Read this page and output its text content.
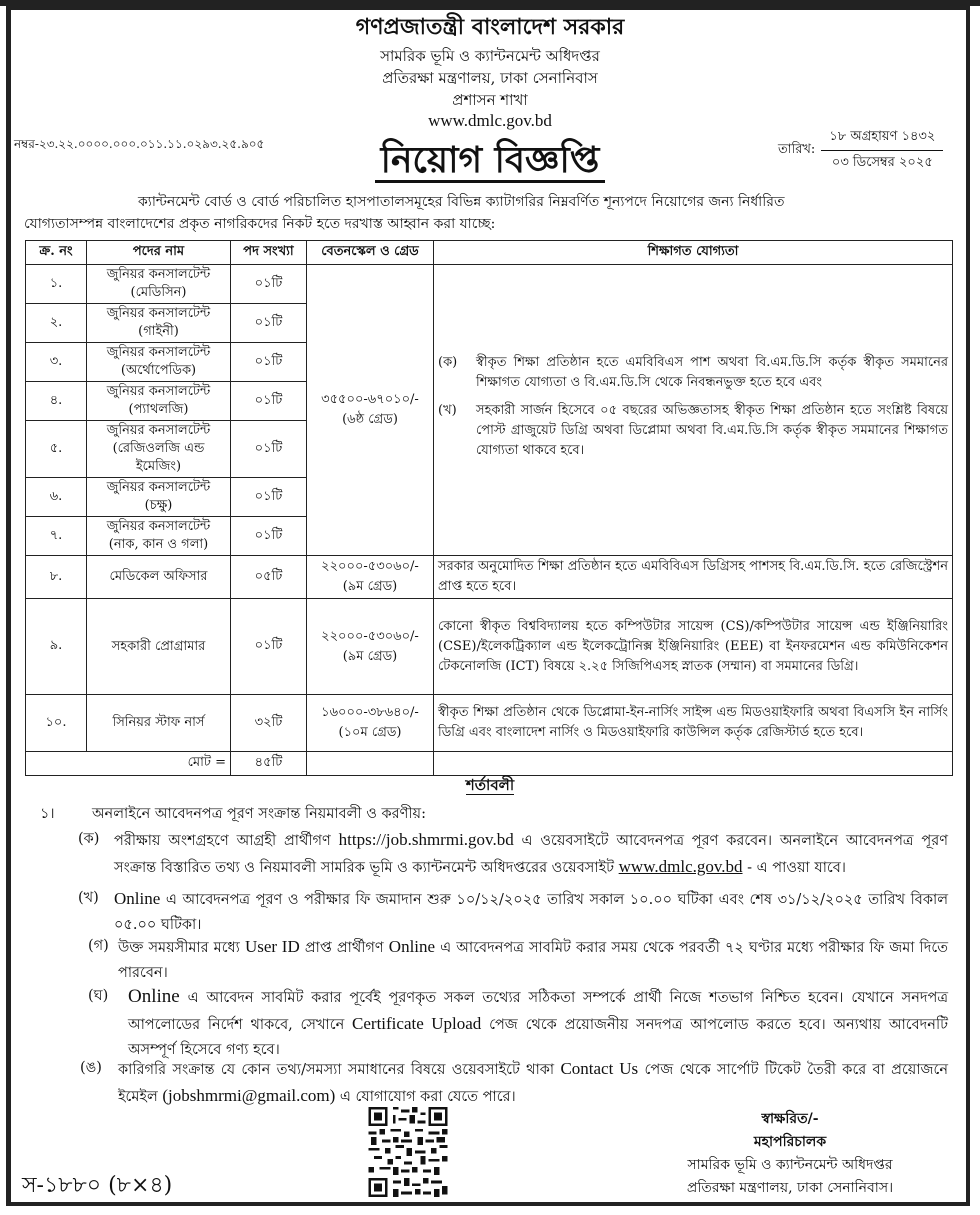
গণপ্রজাতন্ত্রী বাংলাদেশ সরকার
সামরিক ভূমি ও ক্যান্টনমেন্ট অধিদপ্তর
প্রতিরক্ষা মন্ত্রণালয়, ঢাকা সেনানিবাস
প্রশাসন শাখা
www.dmlc.gov.bd
নম্বর-২৩.২২.০০০০.০০০.০১১.১১.০২৯৩.২৫.৯০৫	তারিখ: $\frac{\text{১৮ অগ্রহায়ণ ১৪৩২}}{\text{০৩ ডিসেম্বর ২০২৫}}$
নিয়োগ বিজ্ঞপ্তি
ক্যান্টনমেন্ট বোর্ড ও বোর্ড পরিচালিত হাসপাতালসমূহের বিভিন্ন ক্যাটাগরির নিম্নবর্ণিত শূন্যপদে নিয়োগের জন্য নির্ধারিত
যোগ্যতাসম্পন্ন বাংলাদেশের প্রকৃত নাগরিকদের নিকট হতে দরখাস্ত আহ্বান করা যাচ্ছে:
ক্র. নং	পদের নাম	পদ সংখ্যা	বেতনস্কেল ও গ্রেড	শিক্ষাগত যোগ্যতা
১.	জুনিয়র কনসালটেন্ট (মেডিসিন)	০১টি	
৩৫৫০০-৬৭০১০/-
(৬ষ্ঠ গ্রেড)

(ক)	স্বীকৃত শিক্ষা প্রতিষ্ঠান হতে এমবিবিএস পাশ অথবা বি.এম.ডি.সি কর্তৃক স্বীকৃত সমমানের শিক্ষাগত যোগ্যতা ও বি.এম.ডি.সি থেকে নিবন্ধনভুক্ত হতে হবে এবং
(খ)	সহকারী সার্জন হিসেবে ০৫ বছরের অভিজ্ঞতাসহ স্বীকৃত শিক্ষা প্রতিষ্ঠান হতে সংশ্লিষ্ট বিষয়ে পোস্ট গ্রাজুয়েট ডিগ্রি অথবা ডিপ্লোমা অথবা বি.এম.ডি.সি কর্তৃক স্বীকৃত সমমানের শিক্ষাগত যোগ্যতা থাকবে হবে।

২.	জুনিয়র কনসালটেন্ট (গাইনী)	০১টি		
৩.	জুনিয়র কনসালটেন্ট (অর্থোপেডিক)	০১টি		
৪.	জুনিয়র কনসালটেন্ট (প্যাথলজি)	০১টি		
৫.	জুনিয়র কনসালটেন্ট (রেজিওলজি এন্ড ইমেজিং)	০১টি		
৬.	জুনিয়র কনসালটেন্ট (চক্ষু)	০১টি		
৭.	জুনিয়র কনসালটেন্ট (নাক, কান ও গলা)	০১টি		
৮.	মেডিকেল অফিসার	০৫টি	২২০০০-৫৩০৬০/-
(৯ম গ্রেড)	সরকার অনুমোদিত শিক্ষা প্রতিষ্ঠান হতে এমবিবিএস ডিগ্রিসহ পাশসহ বি.এম.ডি.সি. হতে রেজিস্ট্রেশন প্রাপ্ত হতে হবে।
৯.	সহকারী প্রোগ্রামার	০১টি	২২০০০-৫৩০৬০/-
(৯ম গ্রেড)	কোনো স্বীকৃত বিশ্ববিদ্যালয় হতে কম্পিউটার সায়েন্স (CS)/কম্পিউটার সায়েন্স এন্ড ইঞ্জিনিয়ারিং (CSE)/ইলেকট্রিক্যাল এন্ড ইলেকট্রোনিক্স ইঞ্জিনিয়ারিং (EEE) বা ইনফরমেশন এন্ড কমিউনিকেশন টেকনোলজি (ICT) বিষয়ে ২.২৫ সিজিপিএসহ স্নাতক (সম্মান) বা সমমানের ডিগ্রি।
১০.	সিনিয়র স্টাফ নার্স	৩২টি	১৬০০০-৩৮৬৪০/-
(১০ম গ্রেড)	স্বীকৃত শিক্ষা প্রতিষ্ঠান থেকে ডিপ্লোমা-ইন-নার্সিং সাইন্স এন্ড মিডওয়াইফারি অথবা বিএসসি ইন নার্সিং ডিগ্রি এবং বাংলাদেশ নার্সিং ও মিডওয়াইফারি কাউন্সিল কর্তৃক রেজিস্টার্ড হতে হবে।
মোট =		৪৫টি		
শর্তাবলী
১।	অনলাইনে আবেদনপত্র পূরণ সংক্রান্ত নিয়মাবলী ও করণীয়:
(ক)	পরীক্ষায় অংশগ্রহণে আগ্রহী প্রার্থীগণ https://job.shmrmi.gov.bd এ ওয়েবসাইটে আবেদনপত্র পূরণ করবেন। অনলাইনে আবেদনপত্র পূরণ সংক্রান্ত বিস্তারিত তথ্য ও নিয়মাবলী সামরিক ভূমি ও ক্যান্টনমেন্ট অধিদপ্তরের ওয়েবসাইট www.dmlc.gov.bd - এ পাওয়া যাবে।
(খ) Online এ আবেদনপত্র পূরণ ও পরীক্ষার ফি জমাদান শুরু ১০/১২/২০২৫ তারিখ সকাল ১০.০০ ঘটিকা এবং শেষ ৩১/১২/২০২৫ তারিখ বিকাল ০৫.০০ ঘটিকা।
(গ) উক্ত সময়সীমার মধ্যে User ID প্রাপ্ত প্রার্থীগণ Online এ আবেদনপত্র সাবমিট করার সময় থেকে পরবর্তী ৭২ ঘণ্টার মধ্যে পরীক্ষার ফি জমা দিতে পারবেন।
(ঘ)	Online এ আবেদন সাবমিট করার পূর্বেই পূরণকৃত সকল তথ্যের সঠিকতা সম্পর্কে প্রার্থী নিজে শতভাগ নিশ্চিত হবেন। যেখানে সনদপত্র আপলোডের নির্দেশ থাকবে, সেখানে Certificate Upload পেজ থেকে প্রয়োজনীয় সনদপত্র আপলোড করতে হবে। অন্যথায় আবেদনটি অসম্পূর্ণ হিসেবে গণ্য হবে।
(ঙ)	কারিগরি সংক্রান্ত যে কোন তথ্য/সমস্যা সমাধানের বিষয়ে ওয়েবসাইটে থাকা Contact Us পেজ থেকে সার্পোট টিকেট তৈরী করে বা প্রয়োজনে ইমেইল (jobshmrmi@gmail.com) এ যোগাযোগ করা যেতে পারে।
স-১৮৮০ (৮×৪)
স্বাক্ষরিত/-
মহাপরিচালক
সামরিক ভূমি ও ক্যান্টনমেন্ট অধিদপ্তর
প্রতিরক্ষা মন্ত্রণালয়, ঢাকা সেনানিবাস।
